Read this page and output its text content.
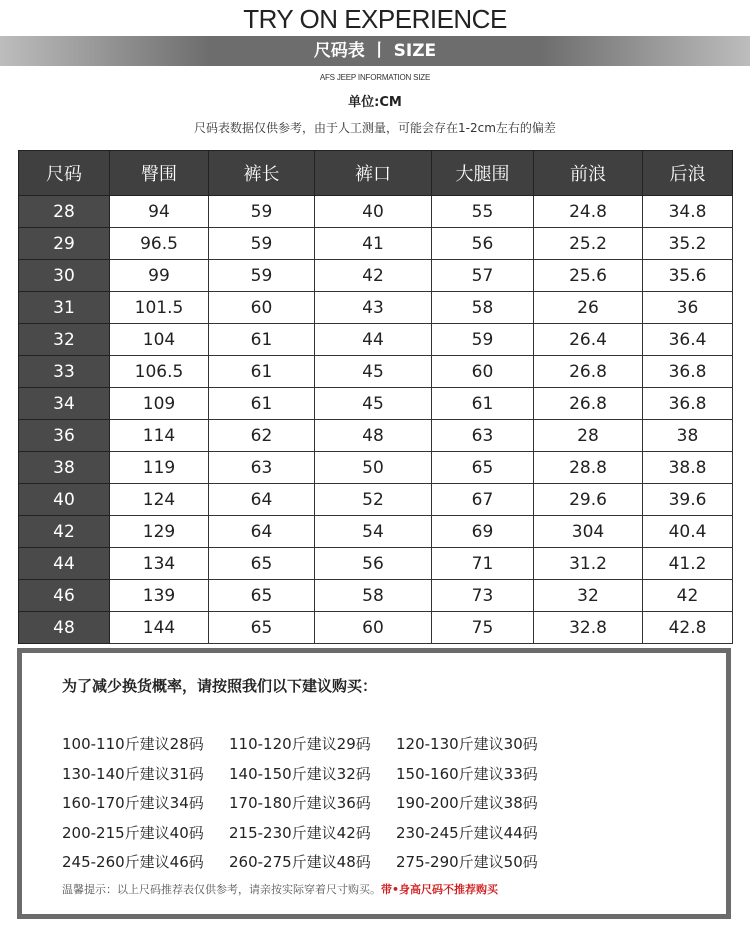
TRY ON EXPERIENCE
尺码表 丨 SIZE
AFS JEEP INFORMATION SIZE
单位:CM
尺码表数据仅供参考，由于人工测量，可能会存在1-2cm左右的偏差
尺码	臀围	裤长	裤口	大腿围	前浪	后浪
28	94	59	40	55	24.8	34.8
29	96.5	59	41	56	25.2	35.2
30	99	59	42	57	25.6	35.6
31	101.5	60	43	58	26	36
32	104	61	44	59	26.4	36.4
33	106.5	61	45	60	26.8	36.8
34	109	61	45	61	26.8	36.8
36	114	62	48	63	28	38
38	119	63	50	65	28.8	38.8
40	124	64	52	67	29.6	39.6
42	129	64	54	69	304	40.4
44	134	65	56	71	31.2	41.2
46	139	65	58	73	32	42
48	144	65	60	75	32.8	42.8
为了减少换货概率，请按照我们以下建议购买：
100-110斤建议28码 110-120斤建议29码 120-130斤建议30码
130-140斤建议31码 140-150斤建议32码 150-160斤建议33码
160-170斤建议34码 170-180斤建议36码 190-200斤建议38码
200-215斤建议40码 215-230斤建议42码 230-245斤建议44码
245-260斤建议46码 260-275斤建议48码 275-290斤建议50码
温馨提示：以上尺码推荐表仅供参考，请亲按实际穿着尺寸购买。带•身高尺码不推荐购买
